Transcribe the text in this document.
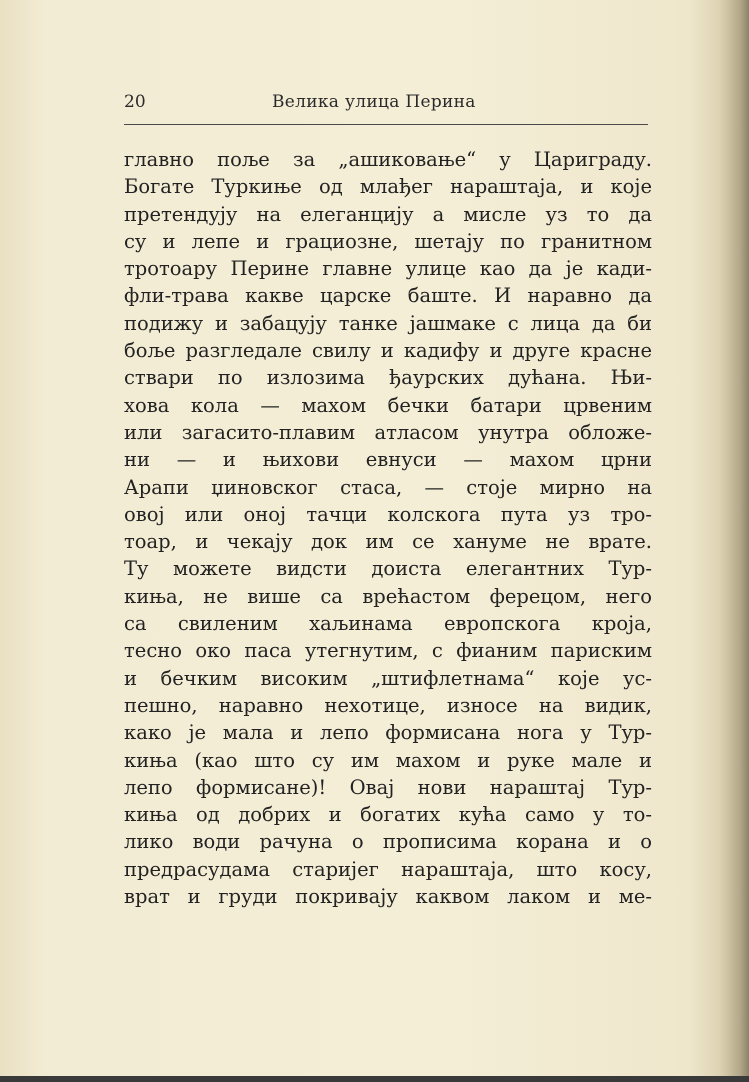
20	Велика улица Перина
главно поље за „ашиковање“ у Цариграду.
Богате Туркиње од млађег нараштаја, и које
претендују на елеганцију а мисле уз то да
су и лепе и грациозне, шетају по гранитном
тротоару Перине главне улице као да је кади-
фли-трава какве царске баште. И наравно да
подижу и забацују танке јашмаке с лица да би
боље разгледале свилу и кадифу и друге красне
ствари по излозима ђаурских дућана. Њи-
хова кола — махом бечки батари црвеним
или загасито-плавим атласом унутра обложе-
ни — и њихови евнуси — махом црни
Арапи џиновског стаса, — стоје мирно на
овој или оној тачци колскога пута уз тро-
тоар, и чекају док им се хануме не врате.
Ту можете видсти доиста елегантних Тур-
киња, не више са врећастом ферецом, него
са свиленим хаљинама европскога кроја,
тесно око паса утегнутим, с фиaним париским
и бечким високим „штифлетнама“ које ус-
пешно, наравно нехотице, износе на видик,
како је мала и лепо формисана нога у Тур-
киња (као што су им махом и руке мале и
лепо формисане)! Овај нови нараштај Тур-
киња од добрих и богатих кућа само у то-
лико води рачуна о прописима корана и о
предрасудама старијег нараштаја, што косу,
врат и груди покривају каквом лаком и ме-
